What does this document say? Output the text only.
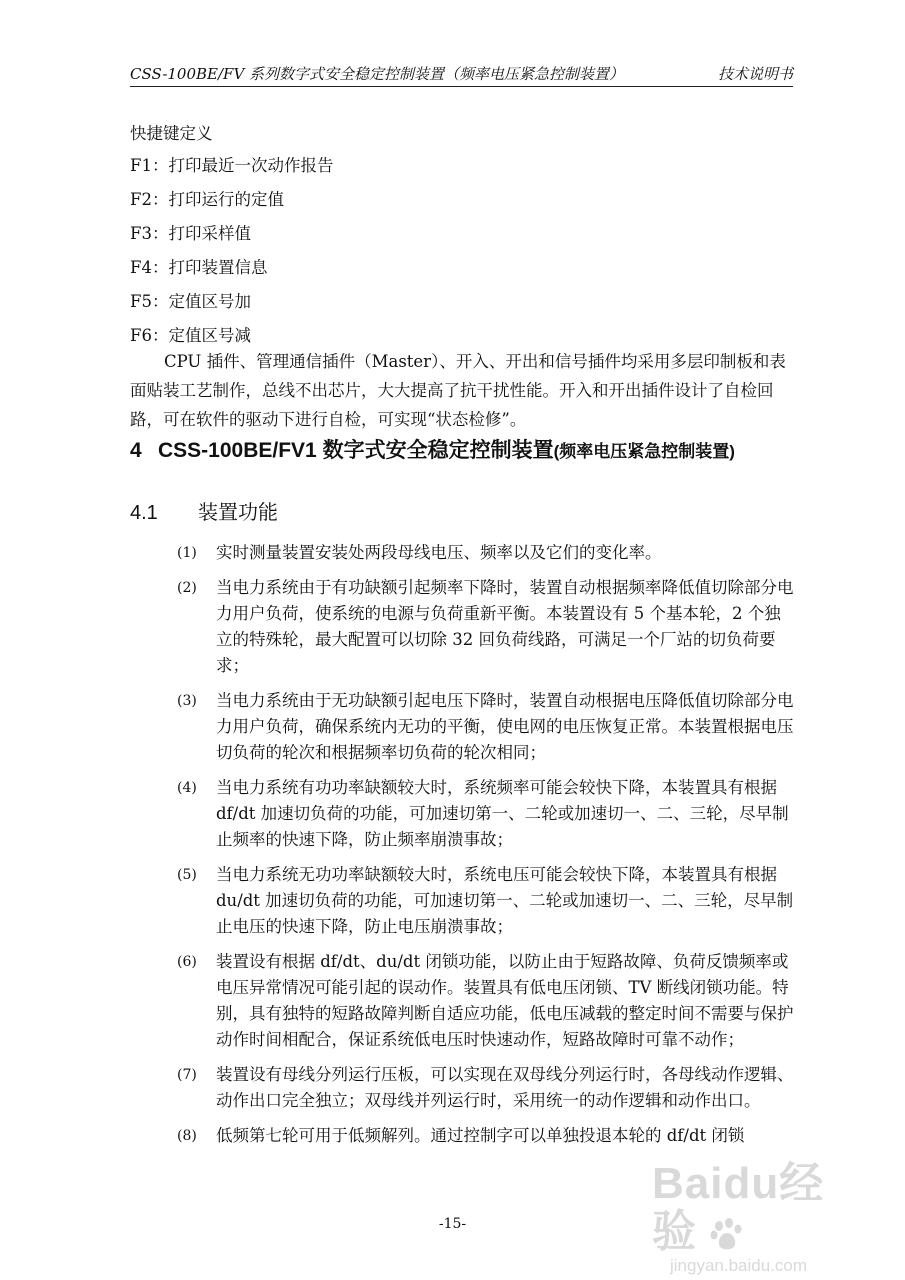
CSS-100BE/FV 系列数字式安全稳定控制装置（频率电压紧急控制装置）	技术说明书
快捷键定义
F1：打印最近一次动作报告
F2：打印运行的定值
F3：打印采样值
F4：打印装置信息
F5：定值区号加
F6：定值区号减

CPU 插件、管理通信插件（Master）、开入、开出和信号插件均采用多层印制板和表面贴装工艺制作，总线不出芯片，大大提高了抗干扰性能。开入和开出插件设计了自检回路，可在软件的驱动下进行自检，可实现“状态检修”。

4 CSS-100BE/FV1 数字式安全稳定控制装置(频率电压紧急控制装置)
4.1 装置功能
(1) 实时测量装置安装处两段母线电压、频率以及它们的变化率。
(2) 当电力系统由于有功缺额引起频率下降时，装置自动根据频率降低值切除部分电力用户负荷，使系统的电源与负荷重新平衡。本装置设有 5 个基本轮，2 个独立的特殊轮，最大配置可以切除 32 回负荷线路，可满足一个厂站的切负荷要求；
(3) 当电力系统由于无功缺额引起电压下降时，装置自动根据电压降低值切除部分电力用户负荷，确保系统内无功的平衡，使电网的电压恢复正常。本装置根据电压切负荷的轮次和根据频率切负荷的轮次相同；
(4) 当电力系统有功功率缺额较大时，系统频率可能会较快下降，本装置具有根据 df/dt 加速切负荷的功能，可加速切第一、二轮或加速切一、二、三轮，尽早制止频率的快速下降，防止频率崩溃事故；
(5) 当电力系统无功功率缺额较大时，系统电压可能会较快下降，本装置具有根据 du/dt 加速切负荷的功能，可加速切第一、二轮或加速切一、二、三轮，尽早制止电压的快速下降，防止电压崩溃事故；
(6) 装置设有根据 df/dt、du/dt 闭锁功能，以防止由于短路故障、负荷反馈频率或电压异常情况可能引起的误动作。装置具有低电压闭锁、TV 断线闭锁功能。特别，具有独特的短路故障判断自适应功能，低电压减载的整定时间不需要与保护动作时间相配合，保证系统低电压时快速动作，短路故障时可靠不动作；
(7) 装置设有母线分列运行压板，可以实现在双母线分列运行时，各母线动作逻辑、动作出口完全独立；双母线并列运行时，采用统一的动作逻辑和动作出口。
(8) 低频第七轮可用于低频解列。通过控制字可以单独投退本轮的 df/dt 闭锁
Baidu经验
jingyan.baidu.com
-15-
